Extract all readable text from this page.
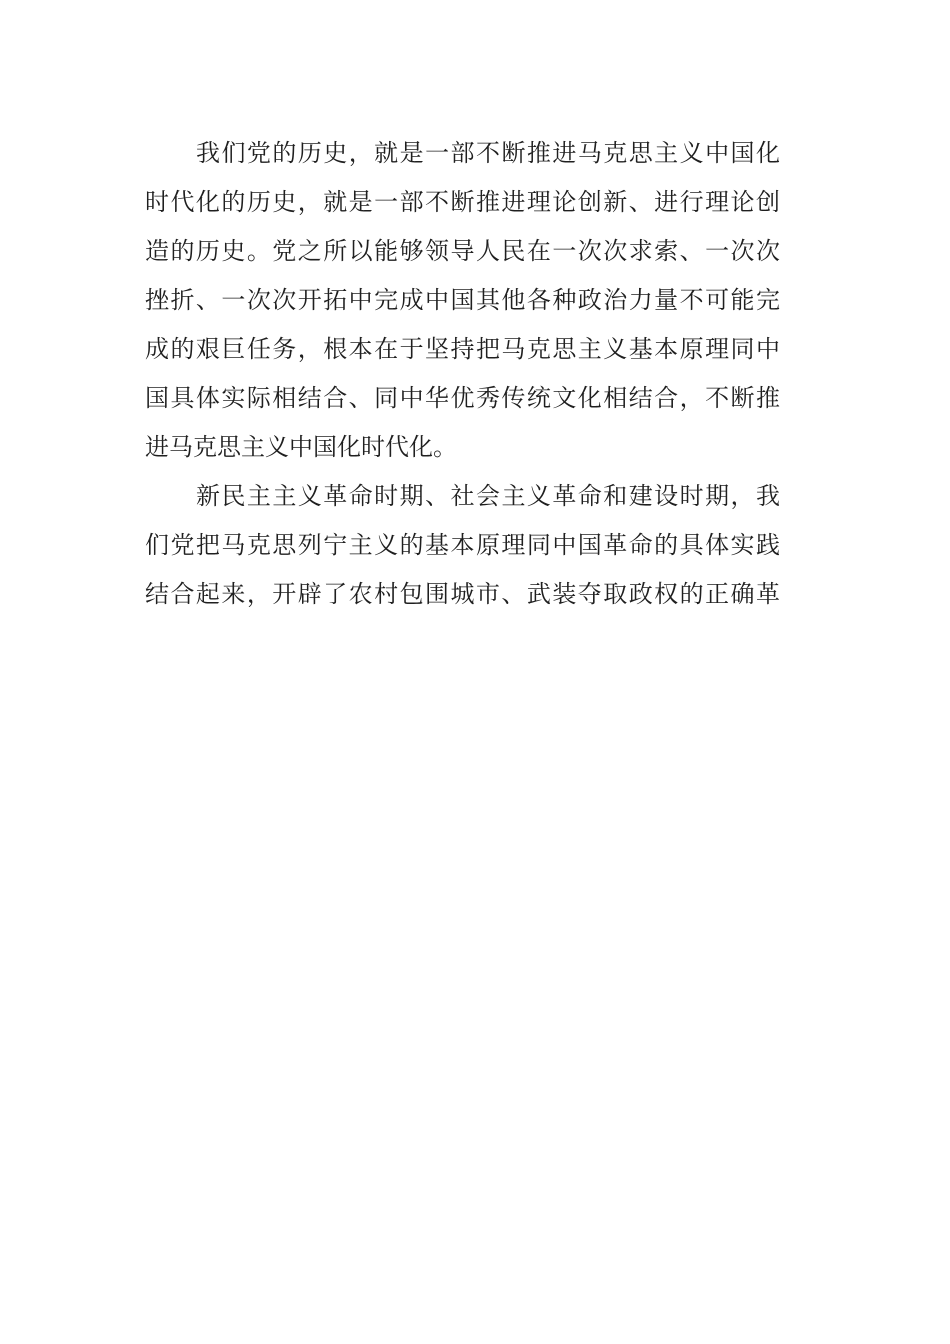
我们党的历史，就是一部不断推进马克思主义中国化
时代化的历史，就是一部不断推进理论创新、进行理论创
造的历史。党之所以能够领导人民在一次次求索、一次次
挫折、一次次开拓中完成中国其他各种政治力量不可能完
成的艰巨任务，根本在于坚持把马克思主义基本原理同中
国具体实际相结合、同中华优秀传统文化相结合，不断推
进马克思主义中国化时代化。
新民主主义革命时期、社会主义革命和建设时期，我
们党把马克思列宁主义的基本原理同中国革命的具体实践
结合起来，开辟了农村包围城市、武装夺取政权的正确革
